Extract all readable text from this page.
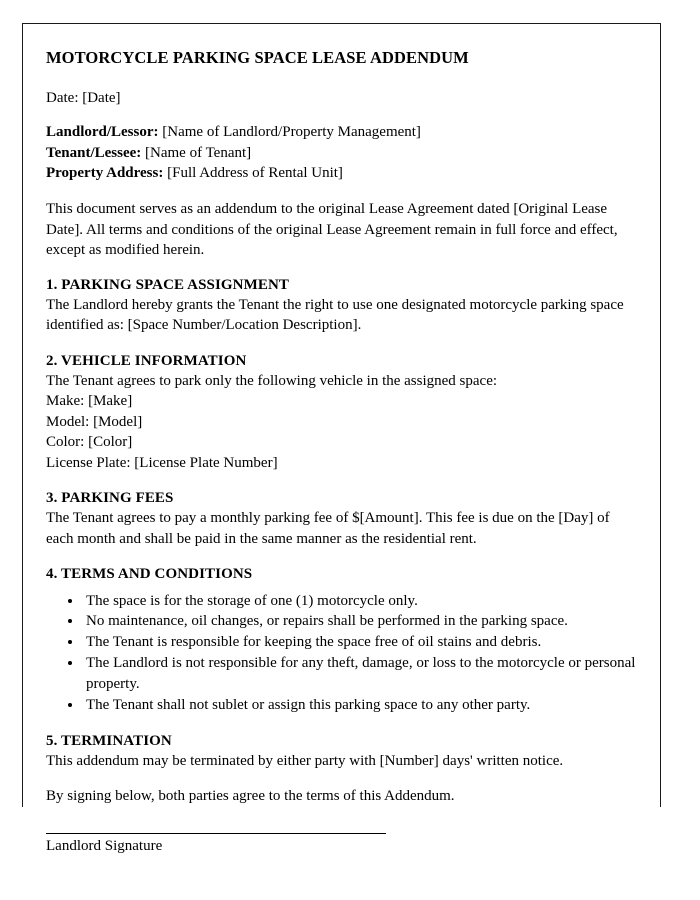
MOTORCYCLE PARKING SPACE LEASE ADDENDUM

Date: [Date]

Landlord/Lessor: [Name of Landlord/Property Management]
Tenant/Lessee: [Name of Tenant]
Property Address: [Full Address of Rental Unit]

This document serves as an addendum to the original Lease Agreement dated [Original Lease Date]. All terms and conditions of the original Lease Agreement remain in full force and effect, except as modified herein.

1. PARKING SPACE ASSIGNMENT

The Landlord hereby grants the Tenant the right to use one designated motorcycle parking space identified as: [Space Number/Location Description].

2. VEHICLE INFORMATION

The Tenant agrees to park only the following vehicle in the assigned space:

Make: [Make]

Model: [Model]

Color: [Color]

License Plate: [License Plate Number]

3. PARKING FEES

The Tenant agrees to pay a monthly parking fee of $[Amount]. This fee is due on the [Day] of each month and shall be paid in the same manner as the residential rent.

4. TERMS AND CONDITIONS
• The space is for the storage of one (1) motorcycle only.
• No maintenance, oil changes, or repairs shall be performed in the parking space.
• The Tenant is responsible for keeping the space free of oil stains and debris.
• The Landlord is not responsible for any theft, damage, or loss to the motorcycle or personal property.
• The Tenant shall not sublet or assign this parking space to any other party.
5. TERMINATION

This addendum may be terminated by either party with [Number] days' written notice.

By signing below, both parties agree to the terms of this Addendum.

Landlord Signature
